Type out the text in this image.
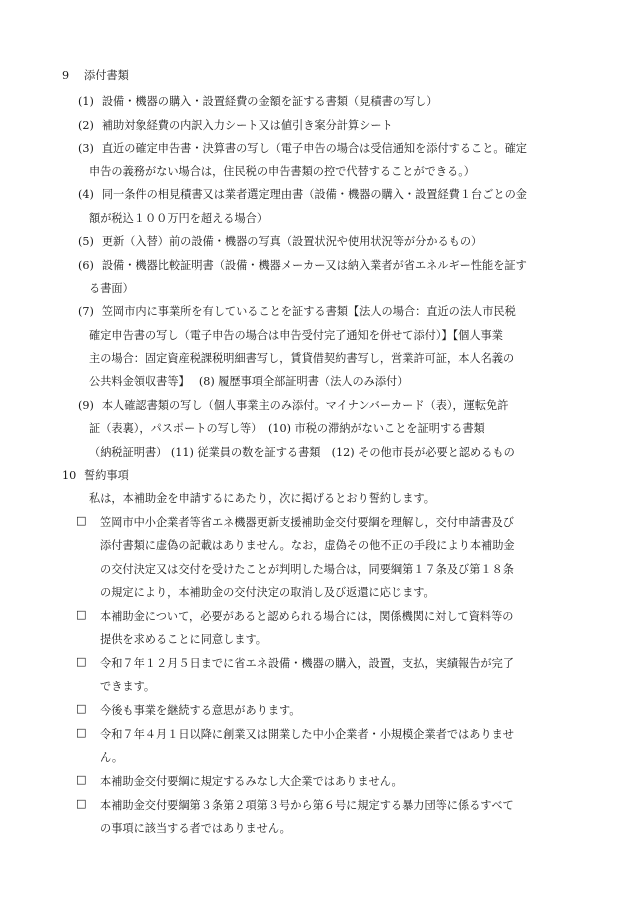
9 添付書類
(1) 設備・機器の購入・設置経費の金額を証する書類（見積書の写し）
(2) 補助対象経費の内訳入力シート又は値引き案分計算シート
(3) 直近の確定申告書・決算書の写し（電子申告の場合は受信通知を添付すること。確定
申告の義務がない場合は，住民税の申告書類の控で代替することができる。）
(4) 同一条件の相見積書又は業者選定理由書（設備・機器の購入・設置経費１台ごとの金
額が税込１００万円を超える場合）
(5) 更新（入替）前の設備・機器の写真（設置状況や使用状況等が分かるもの）
(6) 設備・機器比較証明書（設備・機器メーカー又は納入業者が省エネルギー性能を証す
る書面）
(7) 笠岡市内に事業所を有していることを証する書類【法人の場合：直近の法人市民税
確定申告書の写し（電子申告の場合は申告受付完了通知を併せて添付）】【個人事業
主の場合：固定資産税課税明細書写し，賃貸借契約書写し，営業許可証，本人名義の
公共料金領収書等】　 (8) 履歴事項全部証明書（法人のみ添付）
(9) 本人確認書類の写し（個人事業主のみ添付。マイナンバーカード（表），運転免許
証（表裏），パスポートの写し等）　(10) 市税の滞納がないことを証明する書類
（納税証明書） (11) 従業員の数を証する書類　(12) その他市長が必要と認めるもの
10 誓約事項
私は，本補助金を申請するにあたり，次に掲げるとおり誓約します。
□ 笠岡市中小企業者等省エネ機器更新支援補助金交付要綱を理解し，交付申請書及び
添付書類に虚偽の記載はありません。なお，虚偽その他不正の手段により本補助金
の交付決定又は交付を受けたことが判明した場合は，同要綱第１７条及び第１８条
の規定により，本補助金の交付決定の取消し及び返還に応じます。
□ 本補助金について，必要があると認められる場合には，関係機関に対して資料等の
提供を求めることに同意します。
□ 令和７年１２月５日までに省エネ設備・機器の購入，設置，支払，実績報告が完了
できます。
□ 今後も事業を継続する意思があります。
□ 令和７年４月１日以降に創業又は開業した中小企業者・小規模企業者ではありませ
ん。
□ 本補助金交付要綱に規定するみなし大企業ではありません。
□ 本補助金交付要綱第３条第２項第３号から第６号に規定する暴力団等に係るすべて
の事項に該当する者ではありません。
